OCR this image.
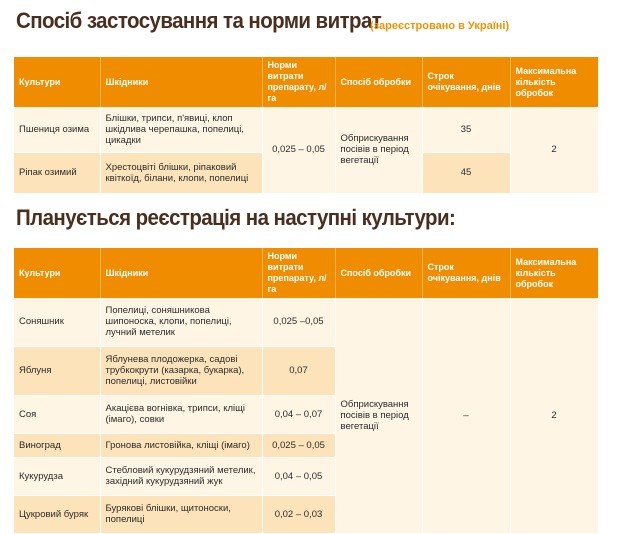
Спосіб застосування та норми витрат
(зареєстровано в Україні)
Культури	Шкідники	Норми витрати препарату, л/га	Спосіб обробки	Строк очікування, днів	Максимальна кількість обробок
Пшениця озима	Блішки, трипси, п'явиці, клоп шкідлива черепашка, попелиці, цикадки	0,025 – 0,05	Обприскування посівів в період вегетації	35	2
Ріпак озимий	Хрестоцвіті блішки, ріпаковий квіткоїд, білани, клопи, попелиці			45	
Планується реєстрація на наступні культури:
Культури	Шкідники	Норми витрати препарату, л/га	Спосіб обробки	Строк очікування, днів	Максимальна кількість обробок
Соняшник	Попелиці, соняшникова шипоноска, клопи, попелиці, лучний метелик	0,025 –0,05	Обприскування посівів в період вегетації	–	2
Яблуня	Яблунева плодожерка, садові трубкокрути (казарка, букарка), попелиці, листовійки	0,07			
Соя	Акацієва вогнівка, трипси, кліщі (імаго), совки	0,04 – 0,07			
Виноград	Гронова листовійка, кліщі (імаго)	0,025 – 0,05			
Кукурудза	Стебловий кукурудзяний метелик, західний кукурудзяний жук	0,04 – 0,05			
Цукровий буряк	Бурякові блішки, щитоноски, попелиці	0,02 – 0,03			
